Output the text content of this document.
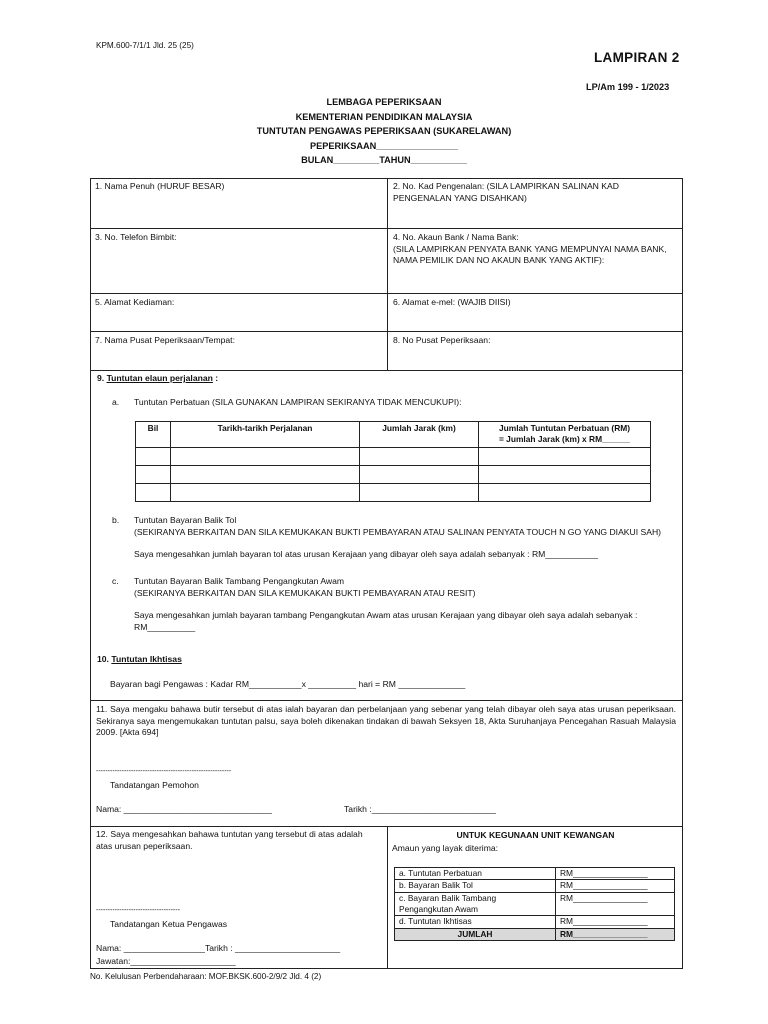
KPM.600-7/1/1 Jld. 25 (25)
LAMPIRAN 2
LP/Am 199 - 1/2023
LEMBAGA PEPERIKSAAN
KEMENTERIAN PENDIDIKAN MALAYSIA
TUNTUTAN PENGAWAS PEPERIKSAAN (SUKARELAWAN)
PEPERIKSAAN________________
BULAN_________TAHUN___________
1. Nama Penuh (HURUF BESAR)	2. No. Kad Pengenalan: (SILA LAMPIRKAN SALINAN KAD PENGENALAN YANG DISAHKAN)
3. No. Telefon Bimbit:	4. No. Akaun Bank / Nama Bank:
(SILA LAMPIRKAN PENYATA BANK YANG MEMPUNYAI NAMA BANK, NAMA PEMILIK DAN NO AKAUN BANK YANG AKTIF):
5. Alamat Kediaman:	6. Alamat e-mel: (WAJIB DIISI)
7. Nama Pusat Peperiksaan/Tempat:	8. No Pusat Peperiksaan:
9. Tuntutan elaun perjalanan :
a. Tuntutan Perbatuan (SILA GUNAKAN LAMPIRAN SEKIRANYA TIDAK MENCUKUPI):
Bil	Tarikh-tarikh Perjalanan	Jumlah Jarak (km)	Jumlah Tuntutan Perbatuan (RM)
= Jumlah Jarak (km) x RM______

b. Tuntutan Bayaran Balik Tol
(SEKIRANYA BERKAITAN DAN SILA KEMUKAKAN BUKTI PEMBAYARAN ATAU SALINAN PENYATA TOUCH N GO YANG DIAKUI SAH)
Saya mengesahkan jumlah bayaran tol atas urusan Kerajaan yang dibayar oleh saya adalah sebanyak : RM___________
c. Tuntutan Bayaran Balik Tambang Pengangkutan Awam
(SEKIRANYA BERKAITAN DAN SILA KEMUKAKAN BUKTI PEMBAYARAN ATAU RESIT)
Saya mengesahkan jumlah bayaran tambang Pengangkutan Awam atas urusan Kerajaan yang dibayar oleh saya adalah sebanyak :
RM__________
10. Tuntutan Ikhtisas
Bayaran bagi Pengawas : Kadar RM___________x __________ hari = RM ______________
11. Saya mengaku bahawa butir tersebut di atas ialah bayaran dan perbelanjaan yang sebenar yang telah dibayar oleh saya atas urusan peperiksaan. Sekiranya saya mengemukakan tuntutan palsu, saya boleh dikenakan tindakan di bawah Seksyen 18, Akta Suruhanjaya Pencegahan Rasuah Malaysia 2009. [Akta 694]
----------------------------------------------------------
Tandatangan Pemohon
Nama: _______________________________	Tarikh :__________________________
12. Saya mengesahkan bahawa tuntutan yang tersebut di atas adalah atas urusan peperiksaan.
------------------------------------
Tandatangan Ketua Pengawas
Nama: _________________Tarikh : ______________________
Jawatan:______________________
UNTUK KEGUNAAN UNIT KEWANGAN
Amaun yang layak diterima:
a. Tuntutan Perbatuan	RM________________
b. Bayaran Balik Tol	RM________________
c. Bayaran Balik Tambang Pengangkutan Awam	RM________________
d. Tuntutan Ikhtisas	RM________________
JUMLAH	RM________________
No. Kelulusan Perbendaharaan: MOF.BKSK.600-2/9/2 Jld. 4 (2)
